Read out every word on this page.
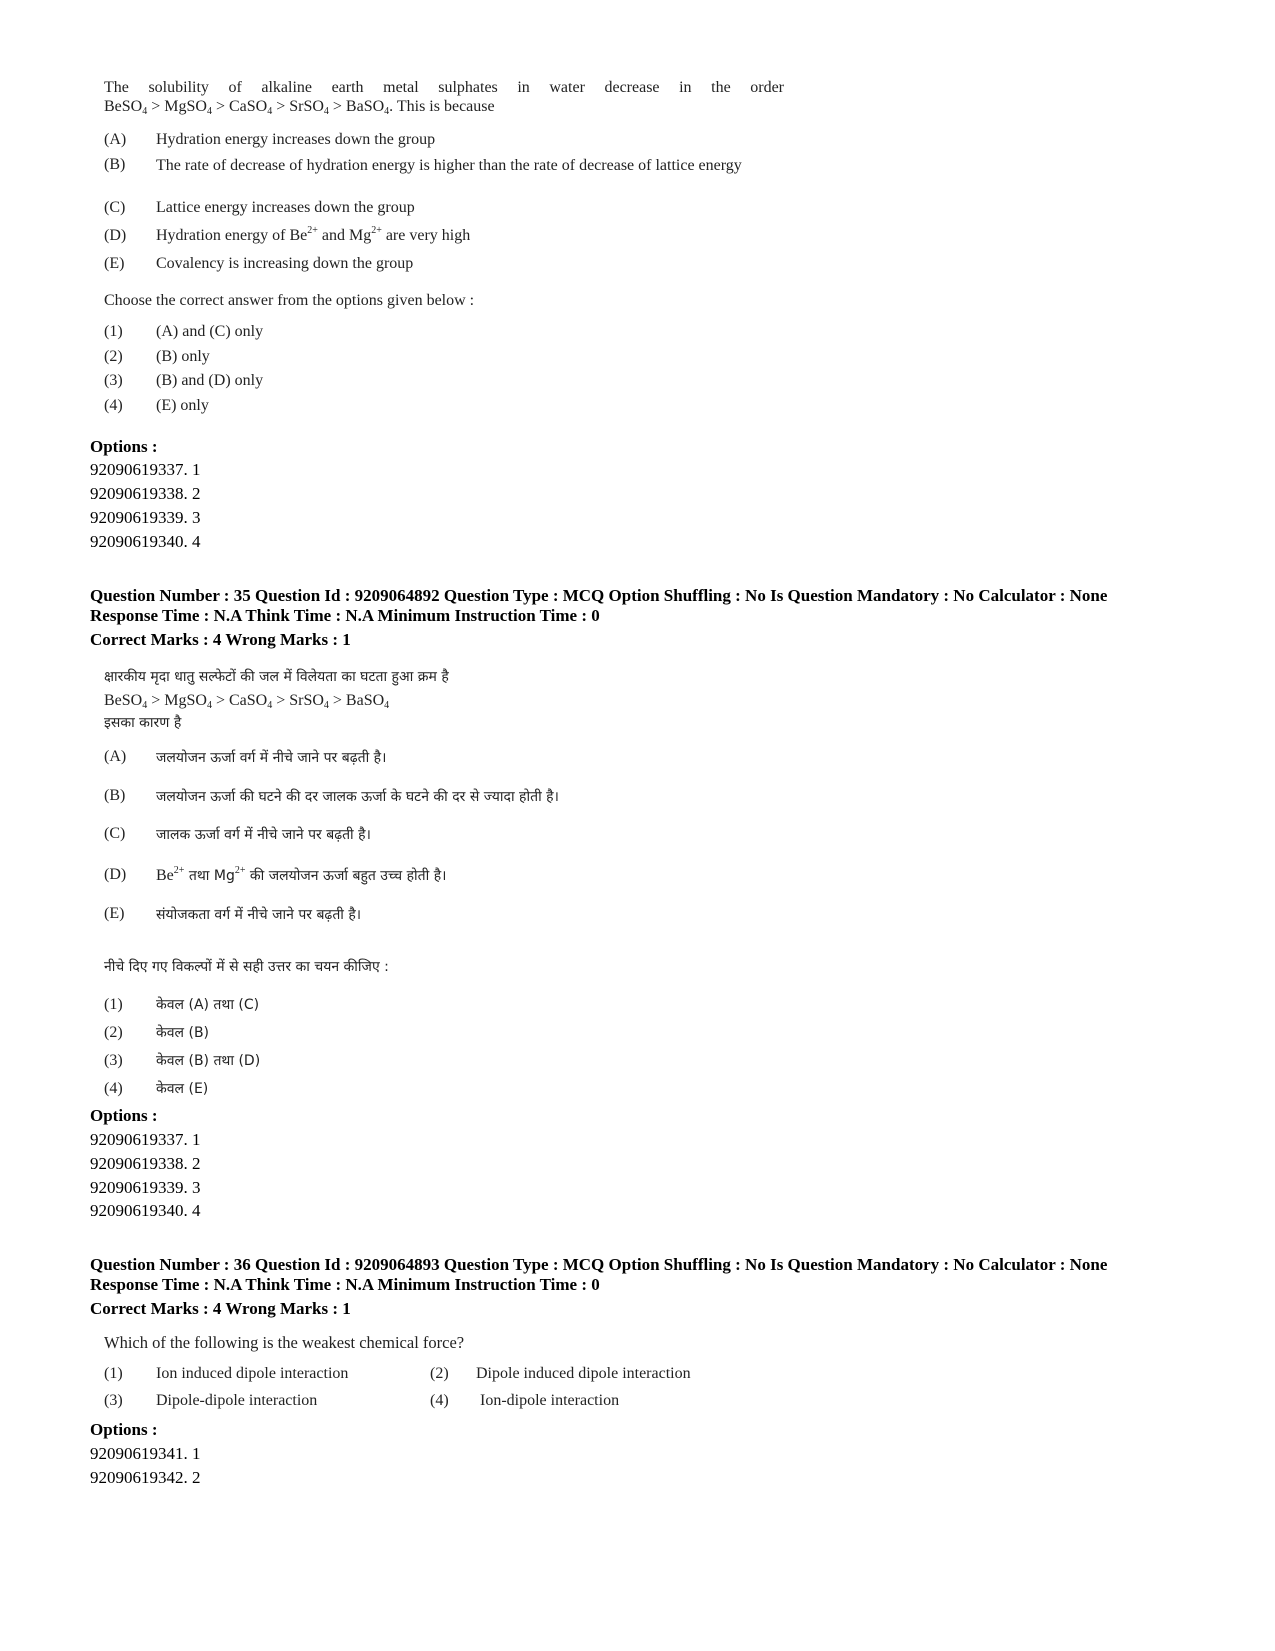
The solubility of alkaline earth metal sulphates in water decrease in the order
BeSO$_4$ > MgSO$_4$ > CaSO$_4$ > SrSO$_4$ > BaSO$_4$. This is because
(A) Hydration energy increases down the group
(B) The rate of decrease of hydration energy is higher than the rate of decrease of lattice energy
(C) Lattice energy increases down the group
(D) Hydration energy of $Be^{2+}$ and $Mg^{2+}$ are very high
(E) Covalency is increasing down the group
Choose the correct answer from the options given below :
(1) (A) and (C) only
(2) (B) only
(3) (B) and (D) only
(4) (E) only
Options :
92090619337. 1
92090619338. 2
92090619339. 3
92090619340. 4
Question Number : 35 Question Id : 9209064892 Question Type : MCQ Option Shuffling : No Is Question Mandatory : No Calculator : None
Response Time : N.A Think Time : N.A Minimum Instruction Time : 0
Correct Marks : 4 Wrong Marks : 1
क्षारकीय मृदा धातु सल्फेटों की जल में विलेयता का घटता हुआ क्रम है
BeSO$_4$ > MgSO$_4$ > CaSO$_4$ > SrSO$_4$ > BaSO$_4$
इसका कारण है
(A) जलयोजन ऊर्जा वर्ग में नीचे जाने पर बढ़ती है।
(B) जलयोजन ऊर्जा की घटने की दर जालक ऊर्जा के घटने की दर से ज्यादा होती है।
(C) जालक ऊर्जा वर्ग में नीचे जाने पर बढ़ती है।
(D) $Be^{2+}$ तथा $Mg^{2+}$ की जलयोजन ऊर्जा बहुत उच्च होती है।
(E) संयोजकता वर्ग में नीचे जाने पर बढ़ती है।
नीचे दिए गए विकल्पों में से सही उत्तर का चयन कीजिए :
(1) केवल (A) तथा (C)
(2) केवल (B)
(3) केवल (B) तथा (D)
(4) केवल (E)
Options :
92090619337. 1
92090619338. 2
92090619339. 3
92090619340. 4
Question Number : 36 Question Id : 9209064893 Question Type : MCQ Option Shuffling : No Is Question Mandatory : No Calculator : None
Response Time : N.A Think Time : N.A Minimum Instruction Time : 0
Correct Marks : 4 Wrong Marks : 1
Which of the following is the weakest chemical force?
(1) Ion induced dipole interaction	(2) Dipole induced dipole interaction
(3) Dipole-dipole interaction	(4) Ion-dipole interaction
Options :
92090619341. 1
92090619342. 2
